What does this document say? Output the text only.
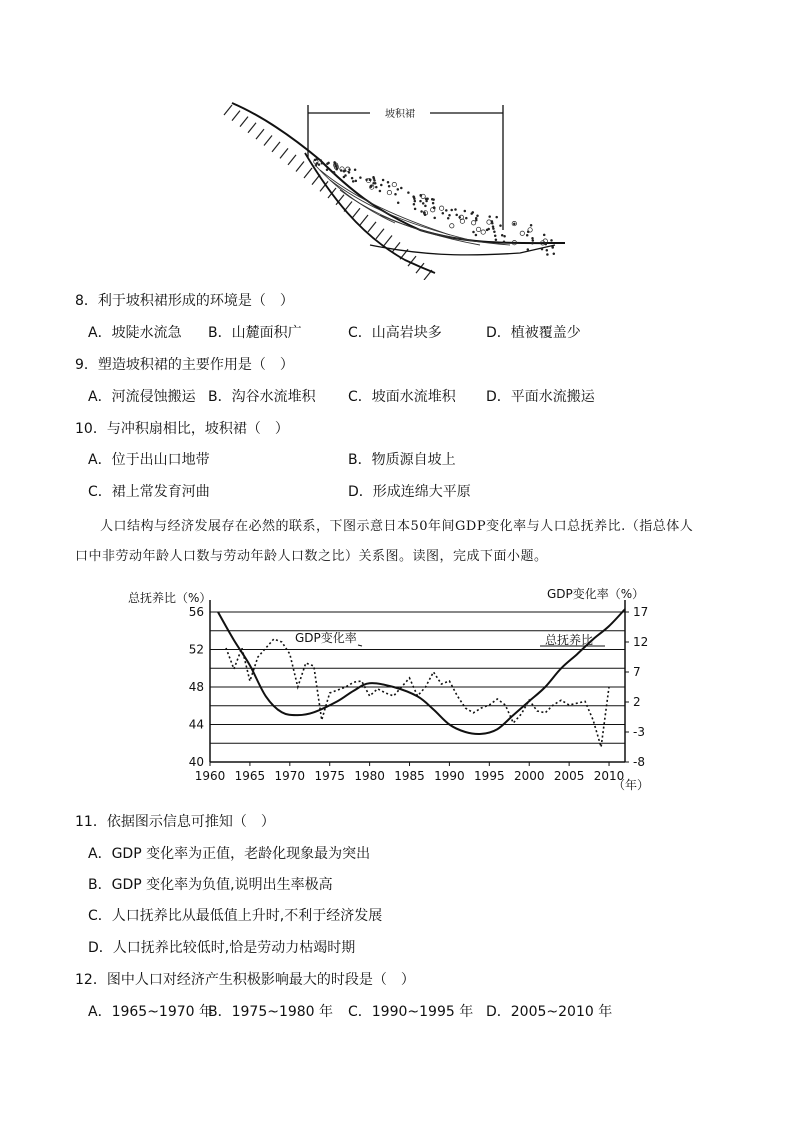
坡积裙
8．利于坡积裙形成的环境是（　）
A．坡陡水流急 B．山麓面积广	C．山高岩块多	D．植被覆盖少
9．塑造坡积裙的主要作用是（　）
A．河流侵蚀搬运 B．沟谷水流堆积 C．坡面水流堆积 D．平面水流搬运
10．与冲积扇相比，坡积裙（　）
A．位于出山口地带	B．物质源自坡上
C．裙上常发育河曲	D．形成连绵大平原
人口结构与经济发展存在必然的联系，下图示意日本50年间GDP变化率与人口总抚养比.（指总体人
口中非劳动年龄人口数与劳动年龄人口数之比）关系图。读图，完成下面小题。
总抚养比（%）	GDP变化率（%）
（年）
1960 1965 1970 1975 1980 1985 1990 1995 2000 2005 2010
40
44
48
52
56
-8
-3
2
7
12
17
GDP变化率	总抚养比
11．依据图示信息可推知（　）
A．GDP 变化率为正值，老龄化现象最为突出
B．GDP 变化率为负值,说明出生率极高
C．人口抚养比从最低值上升时,不利于经济发展
D．人口抚养比较低时,恰是劳动力枯竭时期
12．图中人口对经济产生积极影响最大的时段是（　）
A．1965~1970 年
B．1975~1980 年 C．1990~1995 年 D．2005~2010 年
